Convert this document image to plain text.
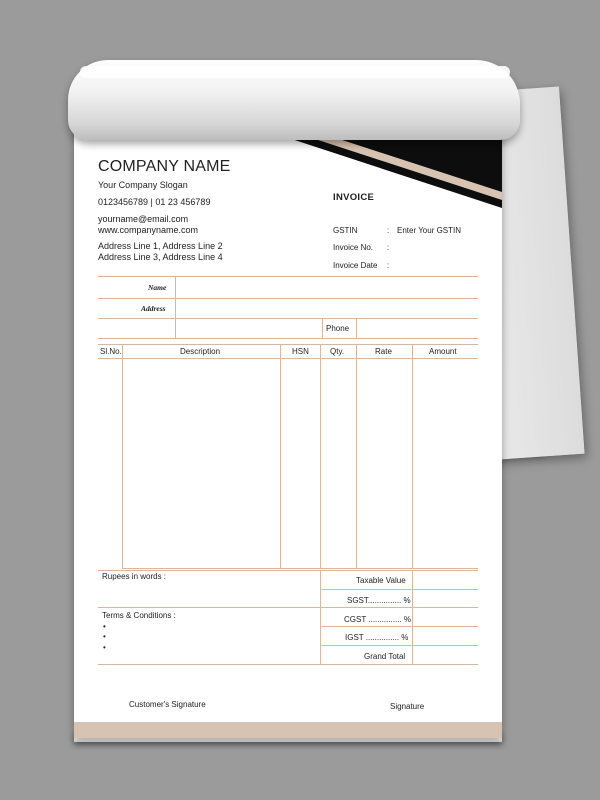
COMPANY NAME
Your Company Slogan
0123456789 | 01 23 456789
yourname@email.com
www.companyname.com
Address Line 1, Address Line 2
Address Line 3, Address Line 4
INVOICE
GSTIN	: Enter Your GSTIN
Invoice No. :
Invoice Date :
Name
Address
Phone
Sl.No.	Description	HSN	Qty.	Rate	Amount
Rupees in words :
Terms & Conditions :
•
•
•
Taxable Value
SGST............... %
CGST ............... %
IGST ............... %
Grand Total
Customer's Signature	Signature
